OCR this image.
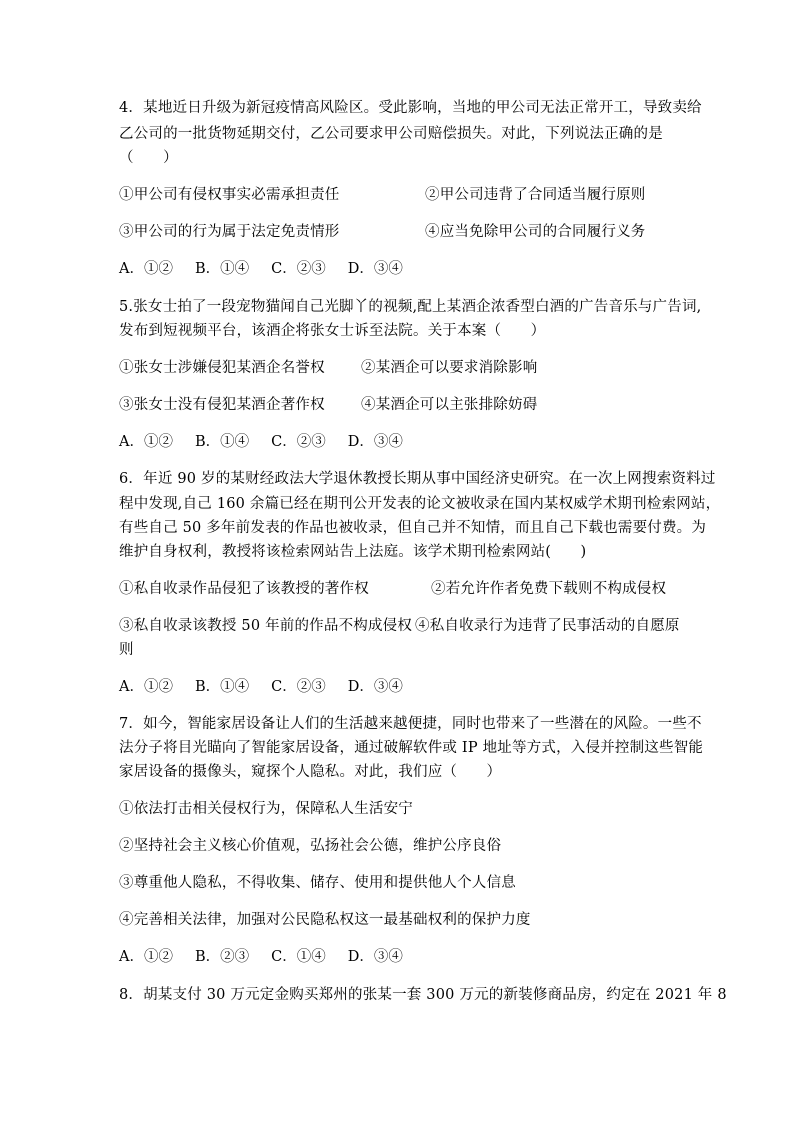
4．某地近日升级为新冠疫情高风险区。受此影响，当地的甲公司无法正常开工，导致卖给
乙公司的一批货物延期交付，乙公司要求甲公司赔偿损失。对此，下列说法正确的是
（　　）
①甲公司有侵权事实必需承担责任	②甲公司违背了合同适当履行原则
③甲公司的行为属于法定免责情形	④应当免除甲公司的合同履行义务
A．①② B．①④ C．②③ D．③④
5.张女士拍了一段宠物猫闻自己光脚丫的视频,配上某酒企浓香型白酒的广告音乐与广告词,
发布到短视频平台，该酒企将张女士诉至法院。关于本案（　　）
①张女士涉嫌侵犯某酒企名誉权 ②某酒企可以要求消除影响
③张女士没有侵犯某酒企著作权 ④某酒企可以主张排除妨碍
A．①② B．①④ C．②③ D．③④
6．年近 90 岁的某财经政法大学退休教授长期从事中国经济史研究。在一次上网搜索资料过
程中发现,自己 160 余篇已经在期刊公开发表的论文被收录在国内某权威学术期刊检索网站，
有些自己 50 多年前发表的作品也被收录，但自己并不知情，而且自己下载也需要付费。为
维护自身权利，教授将该检索网站告上法庭。该学术期刊检索网站(　　)
①私自收录作品侵犯了该教授的著作权	②若允许作者免费下载则不构成侵权
③私自收录该教授 50 年前的作品不构成侵权 ④私自收录行为违背了民事活动的自愿原
则
A．①② B．①④ C．②③ D．③④
7．如今，智能家居设备让人们的生活越来越便捷，同时也带来了一些潜在的风险。一些不
法分子将目光瞄向了智能家居设备，通过破解软件或 IP 地址等方式，入侵并控制这些智能
家居设备的摄像头，窥探个人隐私。对此，我们应（　　）
①依法打击相关侵权行为，保障私人生活安宁
②坚持社会主义核心价值观，弘扬社会公德，维护公序良俗
③尊重他人隐私，不得收集、储存、使用和提供他人个人信息
④完善相关法律，加强对公民隐私权这一最基础权利的保护力度
A．①② B．②③ C．①④ D．③④
8．胡某支付 30 万元定金购买郑州的张某一套 300 万元的新装修商品房，约定在 2021 年 8
